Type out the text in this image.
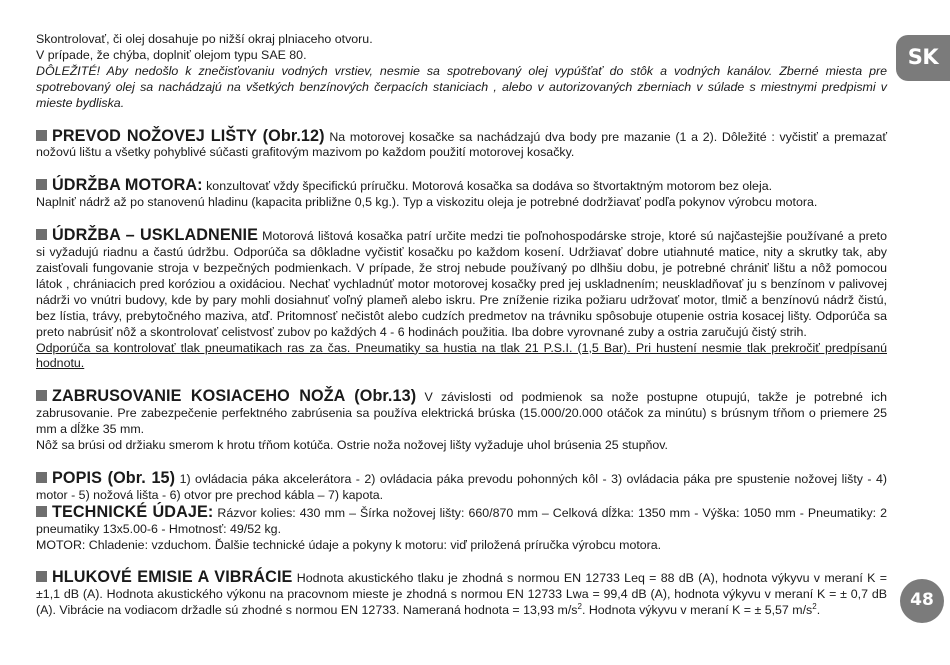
SK
48

Skontrolovať, či olej dosahuje po nižší okraj plniaceho otvoru.

V prípade, že chýba, doplniť olejom typu SAE 80.

DÔLEŽITÉ! Aby nedošlo k znečisťovaniu vodných vrstiev, nesmie sa spotrebovaný olej vypúšťať do stôk a vodných kanálov. Zberné miesta pre spotrebovaný olej sa nachádzajú na všetkých benzínových čerpacích staniciach , alebo v autorizovaných zberniach v súlade s miestnymi predpismi v mieste bydliska.

PREVOD NOŽOVEJ LIŠTY (Obr.12) Na motorovej kosačke sa nachádzajú dva body pre mazanie (1 a 2). Dôležité : vyčistiť a premazať nožovú lištu a všetky pohyblivé súčasti grafitovým mazivom po každom použití motorovej kosačky.

ÚDRŽBA MOTORA: konzultovať vždy špecifickú príručku. Motorová kosačka sa dodáva so štvortaktným motorom bez oleja.

Naplniť nádrž až po stanovenú hladinu (kapacita približne 0,5 kg.). Typ a viskozitu oleja je potrebné dodržiavať podľa pokynov výrobcu motora.

ÚDRŽBA – USKLADNENIE Motorová lištová kosačka patrí určite medzi tie poľnohospodárske stroje, ktoré sú najčastejšie používané a preto si vyžadujú riadnu a častú údržbu. Odporúča sa dôkladne vyčistiť kosačku po každom kosení. Udržiavať dobre utiahnuté matice, nity a skrutky tak, aby zaisťovali fungovanie stroja v bezpečných podmienkach. V prípade, že stroj nebude používaný po dlhšiu dobu, je potrebné chrániť lištu a nôž pomocou látok , chrániacich pred koróziou a oxidáciou. Nechať vychladnúť motor motorovej kosačky pred jej uskladnením; neuskladňovať ju s benzínom v palivovej nádrži vo vnútri budovy, kde by pary mohli dosiahnuť voľný plameň alebo iskru. Pre zníženie rizika požiaru udržovať motor, tlmič a benzínovú nádrž čistú, bez lístia, trávy, prebytočného maziva, atď. Pritomnosť nečistôt alebo cudzích predmetov na trávniku spôsobuje otupenie ostria kosacej lišty. Odporúča sa preto nabrúsiť nôž a skontrolovať celistvosť zubov po každých 4 - 6 hodinách použitia. Iba dobre vyrovnané zuby a ostria zaručujú čistý strih.

Odporúča sa kontrolovať tlak pneumatikach ras za čas. Pneumatiky sa hustia na tlak 21 P.S.I. (1,5 Bar). Pri hustení nesmie tlak prekročiť predpísanú hodnotu.

ZABRUSOVANIE KOSIACEHO NOŽA (Obr.13) V závislosti od podmienok sa nože postupne otupujú, takže je potrebné ich zabrusovanie. Pre zabezpečenie perfektného zabrúsenia sa používa elektrická brúska (15.000/20.000 otáčok za minútu) s brúsnym tŕňom o priemere 25 mm a dĺžke 35 mm.

Nôž sa brúsi od držiaku smerom k hrotu tŕňom kotúča. Ostrie noža nožovej lišty vyžaduje uhol brúsenia 25 stupňov.

POPIS (Obr. 15) 1) ovládacia páka akcelerátora - 2) ovládacia páka prevodu pohonných kôl - 3) ovládacia páka pre spustenie nožovej lišty - 4) motor - 5) nožová lišta - 6) otvor pre prechod kábla – 7) kapota.

TECHNICKÉ ÚDAJE: Rázvor kolies: 430 mm – Šírka nožovej lišty: 660/870 mm – Celková dĺžka: 1350 mm - Výška: 1050 mm - Pneumatiky: 2 pneumatiky 13x5.00-6 - Hmotnosť: 49/52 kg.

MOTOR: Chladenie: vzduchom. Ďalšie technické údaje a pokyny k motoru: viď priložená príručka výrobcu motora.

HLUKOVÉ EMISIE A VIBRÁCIE Hodnota akustického tlaku je zhodná s normou EN 12733 Leq = 88 dB (A), hodnota výkyvu v meraní K = ±1,1 dB (A). Hodnota akustického výkonu na pracovnom mieste je zhodná s normou EN 12733 Lwa = 99,4 dB (A), hodnota výkyvu v meraní K = ± 0,7 dB (A). Vibrácie na vodiacom držadle sú zhodné s normou EN 12733. Nameraná hodnota = 13,93 $m/s^2$. Hodnota výkyvu v meraní K = ± 5,57 $m/s^2$.
